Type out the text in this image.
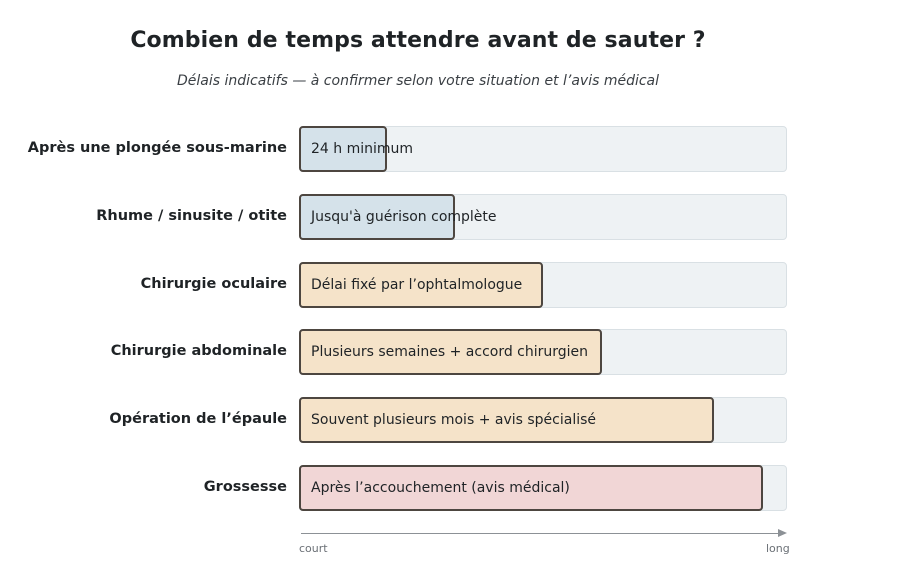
Combien de temps attendre avant de sauter ?
Délais indicatifs — à confirmer selon votre situation et l’avis médical
Après une plongée sous-marine 24 h minimum
Rhume / sinusite / otite Jusqu'à guérison complète
Chirurgie oculaire Délai fixé par l’ophtalmologue
Chirurgie abdominale Plusieurs semaines + accord chirurgien
Opération de l’épaule Souvent plusieurs mois + avis spécialisé
Grossesse Après l’accouchement (avis médical)
court	long
